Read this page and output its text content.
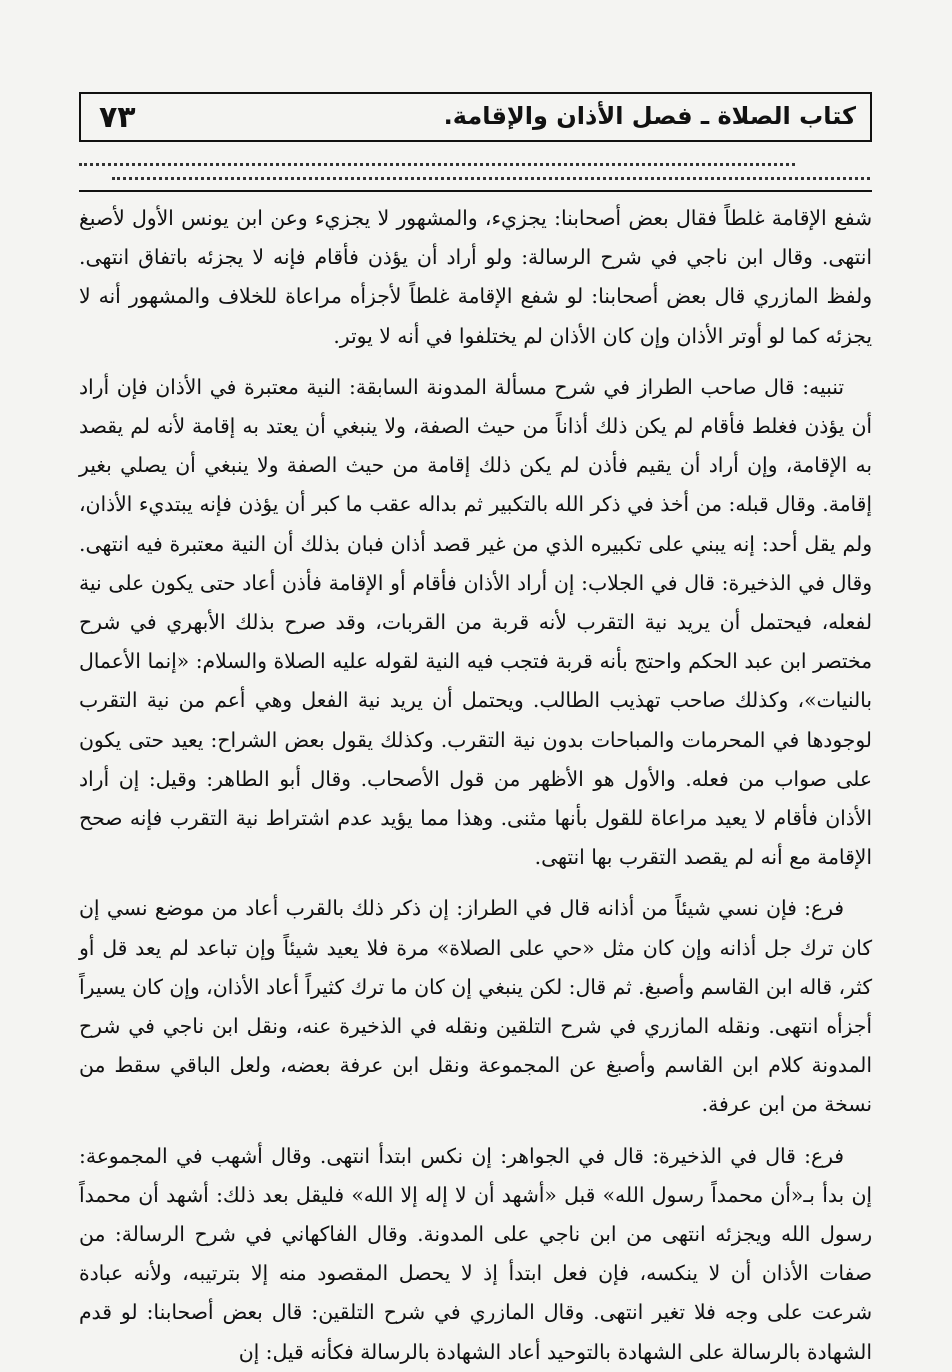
٧٣	كتاب الصلاة ـ فصل الأذان والإقامة.

شفع الإقامة غلطاً فقال بعض أصحابنا: يجزيء، والمشهور لا يجزيء وعن ابن يونس الأول لأصبغ انتهى. وقال ابن ناجي في شرح الرسالة: ولو أراد أن يؤذن فأقام فإنه لا يجزئه باتفاق انتهى. ولفظ المازري قال بعض أصحابنا: لو شفع الإقامة غلطاً لأجزأه مراعاة للخلاف والمشهور أنه لا يجزئه كما لو أوتر الأذان وإن كان الأذان لم يختلفوا في أنه لا يوتر.

تنبيه: قال صاحب الطراز في شرح مسألة المدونة السابقة: النية معتبرة في الأذان فإن أراد أن يؤذن فغلط فأقام لم يكن ذلك أذاناً من حيث الصفة، ولا ينبغي أن يعتد به إقامة لأنه لم يقصد به الإقامة، وإن أراد أن يقيم فأذن لم يكن ذلك إقامة من حيث الصفة ولا ينبغي أن يصلي بغير إقامة. وقال قبله: من أخذ في ذكر الله بالتكبير ثم بداله عقب ما كبر أن يؤذن فإنه يبتديء الأذان، ولم يقل أحد: إنه يبني على تكبيره الذي من غير قصد أذان فبان بذلك أن النية معتبرة فيه انتهى. وقال في الذخيرة: قال في الجلاب: إن أراد الأذان فأقام أو الإقامة فأذن أعاد حتى يكون على نية لفعله، فيحتمل أن يريد نية التقرب لأنه قربة من القربات، وقد صرح بذلك الأبهري في شرح مختصر ابن عبد الحكم واحتج بأنه قربة فتجب فيه النية لقوله عليه الصلاة والسلام: «إنما الأعمال بالنيات»، وكذلك صاحب تهذيب الطالب. ويحتمل أن يريد نية الفعل وهي أعم من نية التقرب لوجودها في المحرمات والمباحات بدون نية التقرب. وكذلك يقول بعض الشراح: يعيد حتى يكون على صواب من فعله. والأول هو الأظهر من قول الأصحاب. وقال أبو الطاهر: وقيل: إن أراد الأذان فأقام لا يعيد مراعاة للقول بأنها مثنى. وهذا مما يؤيد عدم اشتراط نية التقرب فإنه صحح الإقامة مع أنه لم يقصد التقرب بها انتهى.

فرع: فإن نسي شيئاً من أذانه قال في الطراز: إن ذكر ذلك بالقرب أعاد من موضع نسي إن كان ترك جل أذانه وإن كان مثل «حي على الصلاة» مرة فلا يعيد شيئاً وإن تباعد لم يعد قل أو كثر، قاله ابن القاسم وأصبغ. ثم قال: لكن ينبغي إن كان ما ترك كثيراً أعاد الأذان، وإن كان يسيراً أجزأه انتهى. ونقله المازري في شرح التلقين ونقله في الذخيرة عنه، ونقل ابن ناجي في شرح المدونة كلام ابن القاسم وأصبغ عن المجموعة ونقل ابن عرفة بعضه، ولعل الباقي سقط من نسخة من ابن عرفة.

فرع: قال في الذخيرة: قال في الجواهر: إن نكس ابتدأ انتهى. وقال أشهب في المجموعة: إن بدأ بـ«أن محمداً رسول الله» قبل «أشهد أن لا إله إلا الله» فليقل بعد ذلك: أشهد أن محمداً رسول الله ويجزئه انتهى من ابن ناجي على المدونة. وقال الفاكهاني في شرح الرسالة: من صفات الأذان أن لا ينكسه، فإن فعل ابتدأ إذ لا يحصل المقصود منه إلا بترتيبه، ولأنه عبادة شرعت على وجه فلا تغير انتهى. وقال المازري في شرح التلقين: قال بعض أصحابنا: لو قدم الشهادة بالرسالة على الشهادة بالتوحيد أعاد الشهادة بالرسالة فكأنه قيل: إن
